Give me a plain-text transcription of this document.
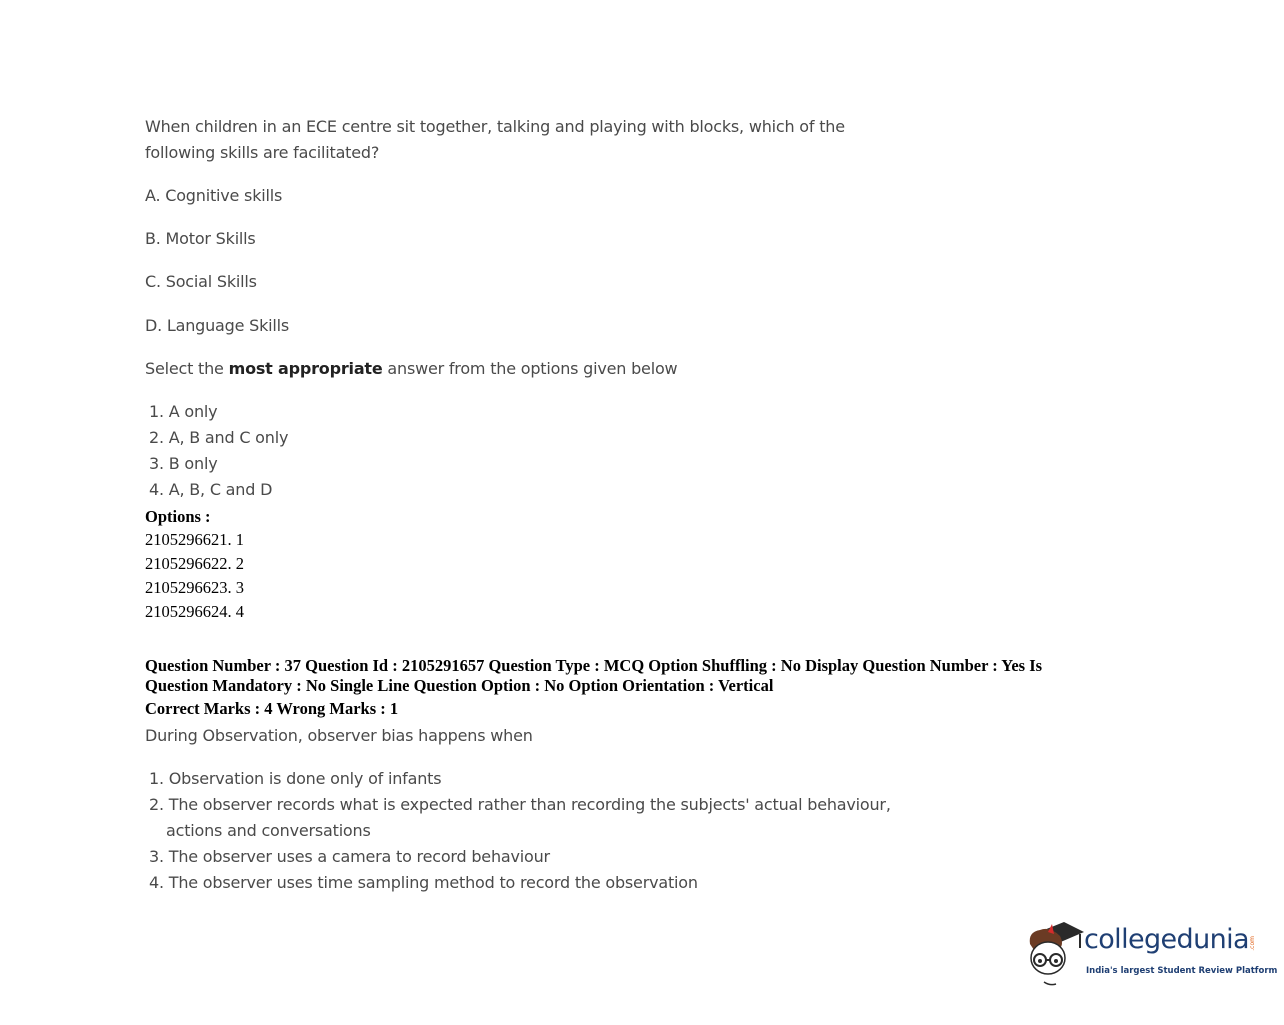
When children in an ECE centre sit together, talking and playing with blocks, which of the
following skills are facilitated?
A. Cognitive skills
B. Motor Skills
C. Social Skills
D. Language Skills
Select the most appropriate answer from the options given below
1. A only
2. A, B and C only
3. B only
4. A, B, C and D
Options :
2105296621. 1
2105296622. 2
2105296623. 3
2105296624. 4
Question Number : 37 Question Id : 2105291657 Question Type : MCQ Option Shuffling : No Display Question Number : Yes Is
Question Mandatory : No Single Line Question Option : No Option Orientation : Vertical
Correct Marks : 4 Wrong Marks : 1
During Observation, observer bias happens when
1. Observation is done only of infants
2. The observer records what is expected rather than recording the subjects' actual behaviour,
actions and conversations
3. The observer uses a camera to record behaviour
4. The observer uses time sampling method to record the observation
collegedunia .com
India's largest Student Review Platform
